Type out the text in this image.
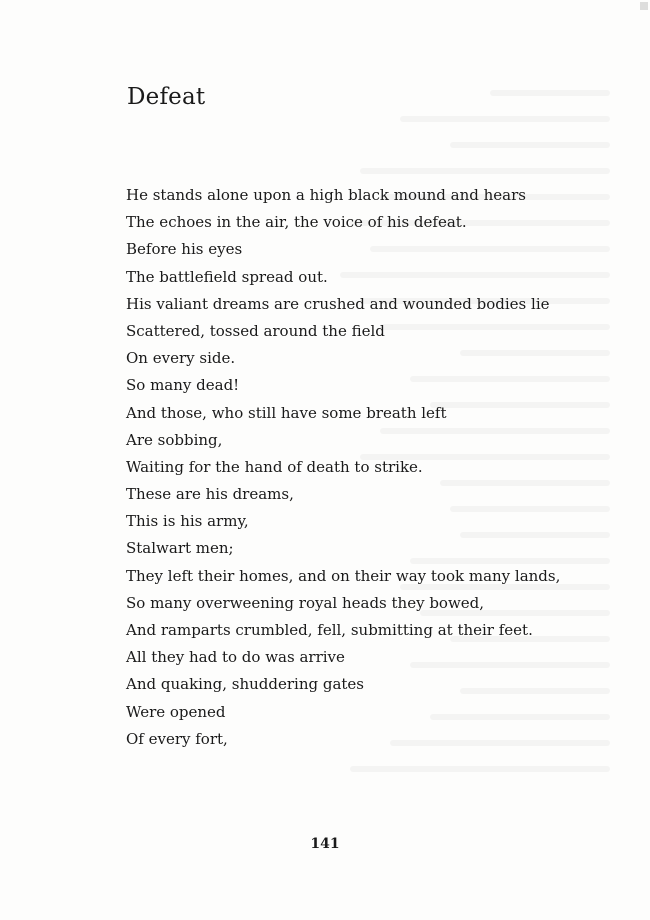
Defeat
He stands alone upon a high black mound and hears
The echoes in the air, the voice of his defeat.
Before his eyes
The battlefield spread out.
His valiant dreams are crushed and wounded bodies lie
Scattered, tossed around the field
On every side.
So many dead!
And those, who still have some breath left
Are sobbing,
Waiting for the hand of death to strike.
These are his dreams,
This is his army,
Stalwart men;
They left their homes, and on their way took many lands,
So many overweening royal heads they bowed,
And ramparts crumbled, fell, submitting at their feet.
All they had to do was arrive
And quaking, shuddering gates
Were opened
Of every fort,
141
